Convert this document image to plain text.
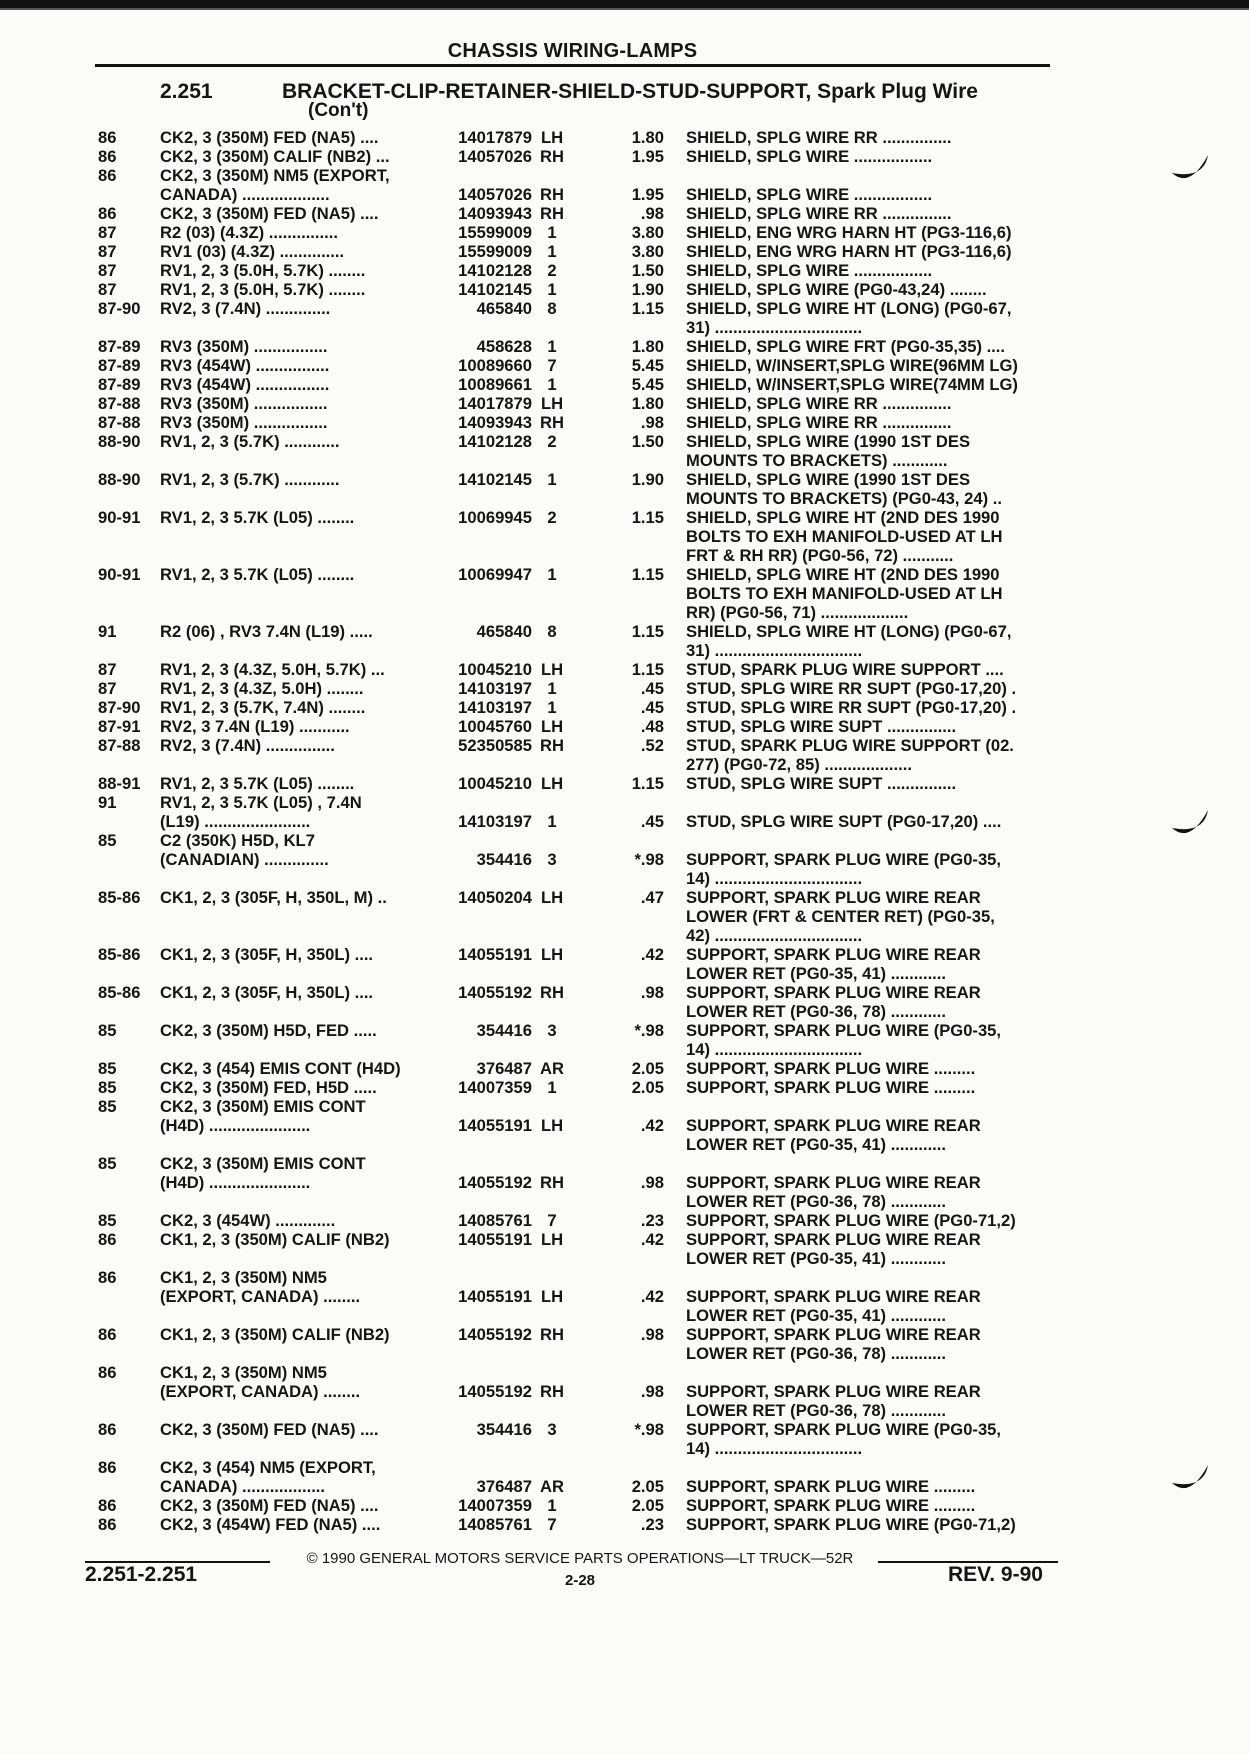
CHASSIS WIRING-LAMPS
2.251	BRACKET-CLIP-RETAINER-SHIELD-STUD-SUPPORT, Spark Plug Wire
(Con't)
86	CK2, 3 (350M) FED (NA5) ....	14017879 LH	1.80 SHIELD, SPLG WIRE RR ...............
86	CK2, 3 (350M) CALIF (NB2) ...	14057026 RH	1.95 SHIELD, SPLG WIRE .................
86	CK2, 3 (350M) NM5 (EXPORT,
CANADA) ...................	14057026 RH	1.95 SHIELD, SPLG WIRE .................
86	CK2, 3 (350M) FED (NA5) ....	14093943 RH	.98 SHIELD, SPLG WIRE RR ...............
87	R2 (03) (4.3Z) ...............	15599009 1	3.80 SHIELD, ENG WRG HARN HT (PG3-116,6)
87	RV1 (03) (4.3Z) ..............	15599009 1	3.80 SHIELD, ENG WRG HARN HT (PG3-116,6)
87	RV1, 2, 3 (5.0H, 5.7K) ........	14102128 2	1.50 SHIELD, SPLG WIRE .................
87	RV1, 2, 3 (5.0H, 5.7K) ........	14102145 1	1.90 SHIELD, SPLG WIRE (PG0-43,24) ........
87-90	RV2, 3 (7.4N) ..............	465840 8	1.15 SHIELD, SPLG WIRE HT (LONG) (PG0-67,
31) ................................
87-89	RV3 (350M) ................	458628 1	1.80 SHIELD, SPLG WIRE FRT (PG0-35,35) ....
87-89	RV3 (454W) ................	10089660 7	5.45 SHIELD, W/INSERT,SPLG WIRE(96MM LG)
87-89	RV3 (454W) ................	10089661 1	5.45 SHIELD, W/INSERT,SPLG WIRE(74MM LG)
87-88	RV3 (350M) ................	14017879 LH	1.80 SHIELD, SPLG WIRE RR ...............
87-88	RV3 (350M) ................	14093943 RH	.98 SHIELD, SPLG WIRE RR ...............
88-90	RV1, 2, 3 (5.7K) ............	14102128 2	1.50 SHIELD, SPLG WIRE (1990 1ST DES
MOUNTS TO BRACKETS) ............
88-90	RV1, 2, 3 (5.7K) ............	14102145 1	1.90 SHIELD, SPLG WIRE (1990 1ST DES
MOUNTS TO BRACKETS) (PG0-43, 24) ..
90-91	RV1, 2, 3 5.7K (L05) ........	10069945 2	1.15 SHIELD, SPLG WIRE HT (2ND DES 1990
BOLTS TO EXH MANIFOLD-USED AT LH
FRT & RH RR) (PG0-56, 72) ...........
90-91	RV1, 2, 3 5.7K (L05) ........	10069947 1	1.15 SHIELD, SPLG WIRE HT (2ND DES 1990
BOLTS TO EXH MANIFOLD-USED AT LH
RR) (PG0-56, 71) ...................
91	R2 (06) , RV3 7.4N (L19) .....	465840 8	1.15 SHIELD, SPLG WIRE HT (LONG) (PG0-67,
31) ................................
87	RV1, 2, 3 (4.3Z, 5.0H, 5.7K) ...	10045210 LH	1.15 STUD, SPARK PLUG WIRE SUPPORT ....
87	RV1, 2, 3 (4.3Z, 5.0H) ........	14103197 1	.45 STUD, SPLG WIRE RR SUPT (PG0-17,20) .
87-90	RV1, 2, 3 (5.7K, 7.4N) ........	14103197 1	.45 STUD, SPLG WIRE RR SUPT (PG0-17,20) .
87-91	RV2, 3 7.4N (L19) ...........	10045760 LH	.48 STUD, SPLG WIRE SUPT ...............
87-88	RV2, 3 (7.4N) ...............	52350585 RH	.52 STUD, SPARK PLUG WIRE SUPPORT (02.
277) (PG0-72, 85) ...................
88-91	RV1, 2, 3 5.7K (L05) ........	10045210 LH	1.15 STUD, SPLG WIRE SUPT ...............
91	RV1, 2, 3 5.7K (L05) , 7.4N
(L19) .......................	14103197 1	.45 STUD, SPLG WIRE SUPT (PG0-17,20) ....
85	C2 (350K) H5D, KL7
(CANADIAN) ..............	354416 3	*.98 SUPPORT, SPARK PLUG WIRE (PG0-35,
14) ................................
85-86	CK1, 2, 3 (305F, H, 350L, M) ..	14050204 LH	.47 SUPPORT, SPARK PLUG WIRE REAR
LOWER (FRT & CENTER RET) (PG0-35,
42) ................................
85-86	CK1, 2, 3 (305F, H, 350L) ....	14055191 LH	.42 SUPPORT, SPARK PLUG WIRE REAR
LOWER RET (PG0-35, 41) ............
85-86	CK1, 2, 3 (305F, H, 350L) ....	14055192 RH	.98 SUPPORT, SPARK PLUG WIRE REAR
LOWER RET (PG0-36, 78) ............
85	CK2, 3 (350M) H5D, FED .....	354416 3	*.98 SUPPORT, SPARK PLUG WIRE (PG0-35,
14) ................................
85	CK2, 3 (454) EMIS CONT (H4D)	376487 AR	2.05 SUPPORT, SPARK PLUG WIRE .........
85	CK2, 3 (350M) FED, H5D .....	14007359 1	2.05 SUPPORT, SPARK PLUG WIRE .........
85	CK2, 3 (350M) EMIS CONT
(H4D) ......................	14055191 LH	.42 SUPPORT, SPARK PLUG WIRE REAR
LOWER RET (PG0-35, 41) ............
85	CK2, 3 (350M) EMIS CONT
(H4D) ......................	14055192 RH	.98 SUPPORT, SPARK PLUG WIRE REAR
LOWER RET (PG0-36, 78) ............
85	CK2, 3 (454W) .............	14085761 7	.23 SUPPORT, SPARK PLUG WIRE (PG0-71,2)
86	CK1, 2, 3 (350M) CALIF (NB2)	14055191 LH	.42 SUPPORT, SPARK PLUG WIRE REAR
LOWER RET (PG0-35, 41) ............
86	CK1, 2, 3 (350M) NM5
(EXPORT, CANADA) ........	14055191 LH	.42 SUPPORT, SPARK PLUG WIRE REAR
LOWER RET (PG0-35, 41) ............
86	CK1, 2, 3 (350M) CALIF (NB2)	14055192 RH	.98 SUPPORT, SPARK PLUG WIRE REAR
LOWER RET (PG0-36, 78) ............
86	CK1, 2, 3 (350M) NM5
(EXPORT, CANADA) ........	14055192 RH	.98 SUPPORT, SPARK PLUG WIRE REAR
LOWER RET (PG0-36, 78) ............
86	CK2, 3 (350M) FED (NA5) ....	354416 3	*.98 SUPPORT, SPARK PLUG WIRE (PG0-35,
14) ................................
86	CK2, 3 (454) NM5 (EXPORT,
CANADA) ..................	376487 AR	2.05 SUPPORT, SPARK PLUG WIRE .........
86	CK2, 3 (350M) FED (NA5) ....	14007359 1	2.05 SUPPORT, SPARK PLUG WIRE .........
86	CK2, 3 (454W) FED (NA5) ....	14085761 7	.23 SUPPORT, SPARK PLUG WIRE (PG0-71,2)
2.251-2.251
© 1990 GENERAL MOTORS SERVICE PARTS OPERATIONS—LT TRUCK—52R
2-28	REV. 9-90
